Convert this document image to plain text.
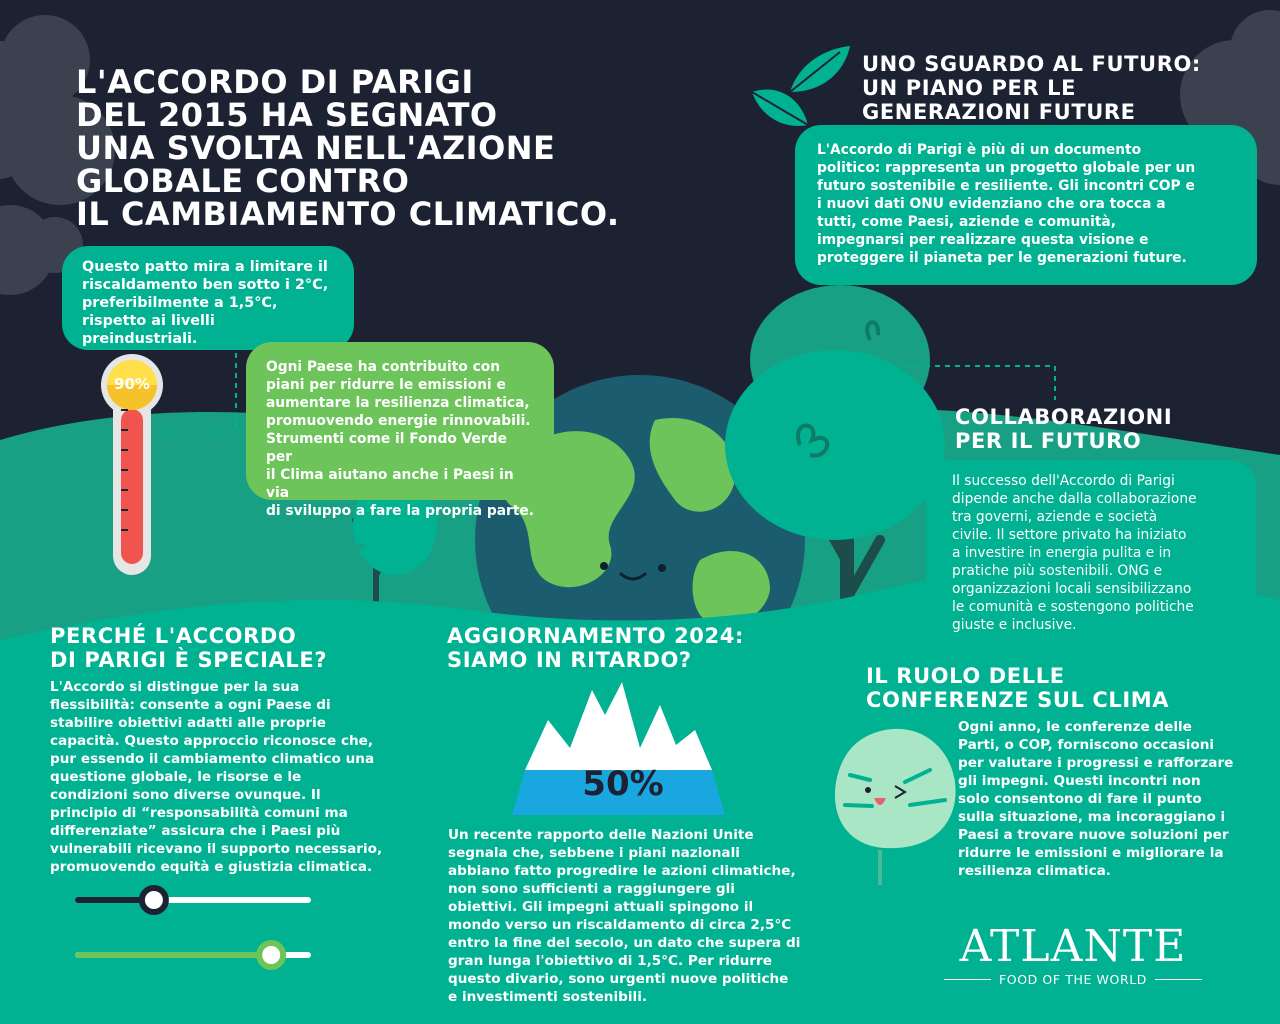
L'ACCORDO DI PARIGI
DEL 2015 HA SEGNATO
UNA SVOLTA NELL'AZIONE
GLOBALE CONTRO
IL CAMBIAMENTO CLIMATICO.
Questo patto mira a limitare il
riscaldamento ben sotto i 2°C,
preferibilmente a 1,5°C,
rispetto ai livelli preindustriali.
90%
Ogni Paese ha contribuito con
piani per ridurre le emissioni e
aumentare la resilienza climatica,
promuovendo energie rinnovabili.
Strumenti come il Fondo Verde per
il Clima aiutano anche i Paesi in via
di sviluppo a fare la propria parte.
UNO SGUARDO AL FUTURO:
UN PIANO PER LE
GENERAZIONI FUTURE
L'Accordo di Parigi è più di un documento
politico: rappresenta un progetto globale per un
futuro sostenibile e resiliente. Gli incontri COP e
i nuovi dati ONU evidenziano che ora tocca a
tutti, come Paesi, aziende e comunità,
impegnarsi per realizzare questa visione e
proteggere il pianeta per le generazioni future.
COLLABORAZIONI
PER IL FUTURO
Il successo dell'Accordo di Parigi
dipende anche dalla collaborazione
tra governi, aziende e società
civile. Il settore privato ha iniziato
a investire in energia pulita e in
pratiche più sostenibili. ONG e
organizzazioni locali sensibilizzano
le comunità e sostengono politiche
giuste e inclusive.
PERCHÉ L'ACCORDO
DI PARIGI È SPECIALE?
L'Accordo si distingue per la sua
flessibilità: consente a ogni Paese di
stabilire obiettivi adatti alle proprie
capacità. Questo approccio riconosce che,
pur essendo il cambiamento climatico una
questione globale, le risorse e le
condizioni sono diverse ovunque. Il
principio di “responsabilità comuni ma
differenziate” assicura che i Paesi più
vulnerabili ricevano il supporto necessario,
promuovendo equità e giustizia climatica.
AGGIORNAMENTO 2024:
SIAMO IN RITARDO?
50%
Un recente rapporto delle Nazioni Unite
segnala che, sebbene i piani nazionali
abbiano fatto progredire le azioni climatiche,
non sono sufficienti a raggiungere gli
obiettivi. Gli impegni attuali spingono il
mondo verso un riscaldamento di circa 2,5°C
entro la fine del secolo, un dato che supera di
gran lunga l'obiettivo di 1,5°C. Per ridurre
questo divario, sono urgenti nuove politiche
e investimenti sostenibili.
IL RUOLO DELLE
CONFERENZE SUL CLIMA
Ogni anno, le conferenze delle
Parti, o COP, forniscono occasioni
per valutare i progressi e rafforzare
gli impegni. Questi incontri non
solo consentono di fare il punto
sulla situazione, ma incoraggiano i
Paesi a trovare nuove soluzioni per
ridurre le emissioni e migliorare la
resilienza climatica.
ATLANTE
FOOD OF THE WORLD
